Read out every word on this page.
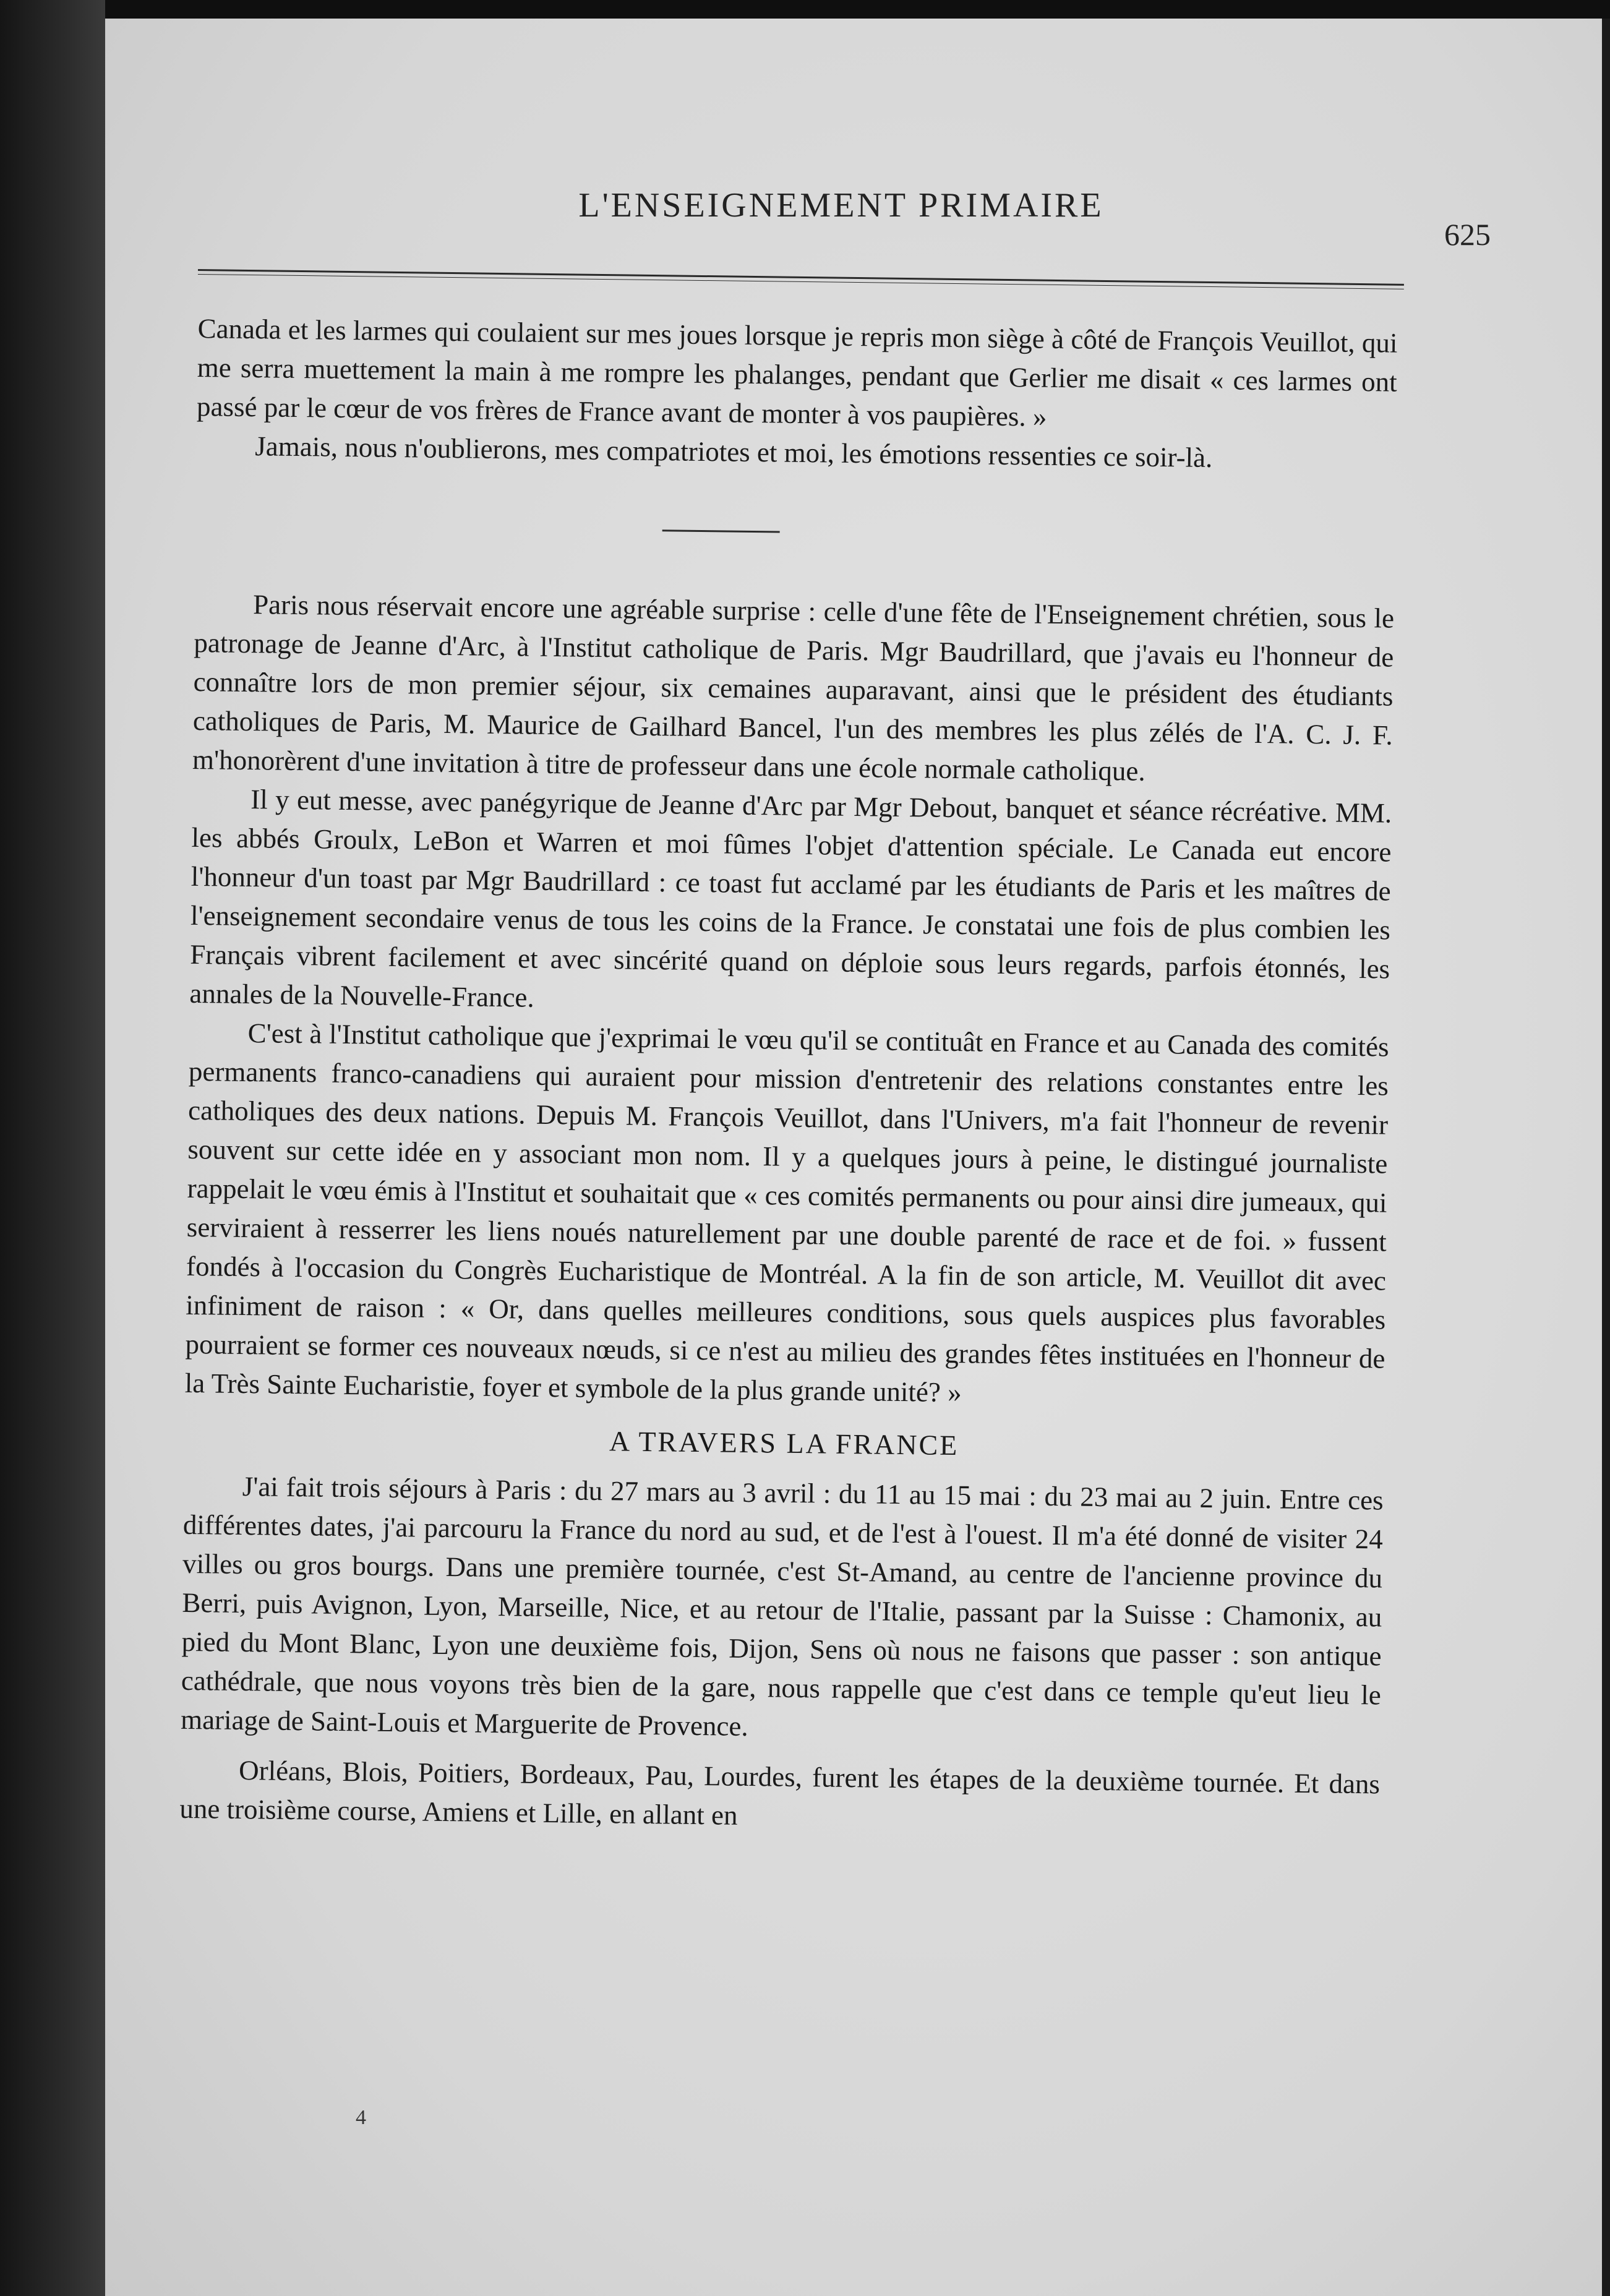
L'ENSEIGNEMENT PRIMAIRE
625

Canada et les larmes qui coulaient sur mes joues lorsque je repris mon siège à côté de François Veuillot, qui me serra muettement la main à me rompre les phalanges, pendant que Gerlier me disait « ces larmes ont passé par le cœur de vos frères de France avant de monter à vos paupières. »

Jamais, nous n'oublierons, mes compatriotes et moi, les émotions ressenties ce soir-là.

Paris nous réservait encore une agréable surprise : celle d'une fête de l'Enseignement chrétien, sous le patronage de Jeanne d'Arc, à l'Institut catholique de Paris. Mgr Baudrillard, que j'avais eu l'honneur de connaître lors de mon premier séjour, six cemaines auparavant, ainsi que le président des étudiants catholiques de Paris, M. Maurice de Gailhard Bancel, l'un des membres les plus zélés de l'A. C. J. F. m'honorèrent d'une invitation à titre de professeur dans une école normale catholique.

Il y eut messe, avec panégyrique de Jeanne d'Arc par Mgr Debout, banquet et séance récréative. MM. les abbés Groulx, LeBon et Warren et moi fûmes l'objet d'attention spéciale. Le Canada eut encore l'honneur d'un toast par Mgr Baudrillard : ce toast fut acclamé par les étudiants de Paris et les maîtres de l'enseignement secondaire venus de tous les coins de la France. Je constatai une fois de plus combien les Français vibrent facilement et avec sincérité quand on déploie sous leurs regards, parfois étonnés, les annales de la Nouvelle-France.

C'est à l'Institut catholique que j'exprimai le vœu qu'il se contituât en France et au Canada des comités permanents franco-canadiens qui auraient pour mission d'entretenir des relations constantes entre les catholiques des deux nations. Depuis M. François Veuillot, dans l'Univers, m'a fait l'honneur de revenir souvent sur cette idée en y associant mon nom. Il y a quelques jours à peine, le distingué journaliste rappelait le vœu émis à l'Institut et souhaitait que « ces comités permanents ou pour ainsi dire jumeaux, qui serviraient à resserrer les liens noués naturellement par une double parenté de race et de foi. » fussent fondés à l'occasion du Congrès Eucharistique de Montréal. A la fin de son article, M. Veuillot dit avec infiniment de raison : « Or, dans quelles meilleures conditions, sous quels auspices plus favorables pourraient se former ces nouveaux nœuds, si ce n'est au milieu des grandes fêtes instituées en l'honneur de la Très Sainte Eucharistie, foyer et symbole de la plus grande unité? »

A TRAVERS LA FRANCE

J'ai fait trois séjours à Paris : du 27 mars au 3 avril : du 11 au 15 mai : du 23 mai au 2 juin. Entre ces différentes dates, j'ai parcouru la France du nord au sud, et de l'est à l'ouest. Il m'a été donné de visiter 24 villes ou gros bourgs. Dans une première tournée, c'est St-Amand, au centre de l'ancienne province du Berri, puis Avignon, Lyon, Marseille, Nice, et au retour de l'Italie, passant par la Suisse : Chamonix, au pied du Mont Blanc, Lyon une deuxième fois, Dijon, Sens où nous ne faisons que passer : son antique cathédrale, que nous voyons très bien de la gare, nous rappelle que c'est dans ce temple qu'eut lieu le mariage de Saint-Louis et Marguerite de Provence.

Orléans, Blois, Poitiers, Bordeaux, Pau, Lourdes, furent les étapes de la deuxième tournée. Et dans une troisième course, Amiens et Lille, en allant en

4
